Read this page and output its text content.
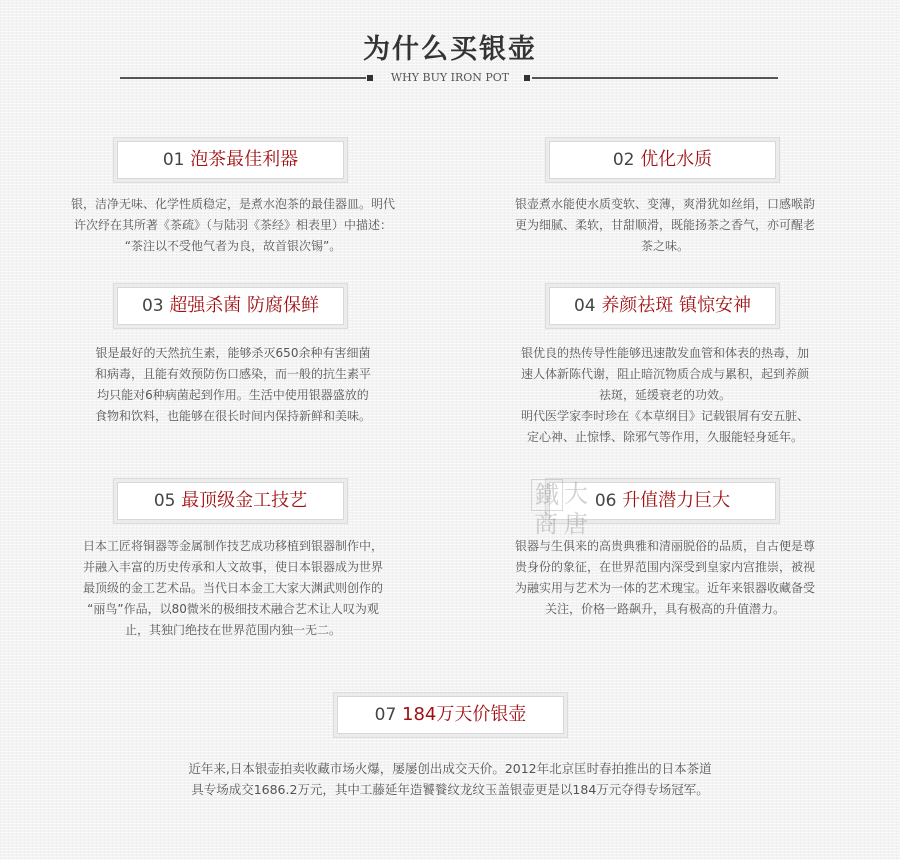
为什么买银壶
WHY BUY IRON POT
01 泡茶最佳利器

银，洁净无味、化学性质稳定，是煮水泡茶的最佳器皿。明代

许次纾在其所著《茶疏》（与陆羽《茶经》相表里）中描述：

“茶注以不受他气者为良，故首银次锡”。

02 优化水质

银壶煮水能使水质变软、变薄，爽滑犹如丝绢，口感喉韵

更为细腻、柔软，甘甜顺滑，既能扬茶之香气，亦可醒老

茶之味。

03 超强杀菌 防腐保鲜

银是最好的天然抗生素，能够杀灭650余种有害细菌

和病毒，且能有效预防伤口感染，而一般的抗生素平

均只能对6种病菌起到作用。生活中使用银器盛放的

食物和饮料，也能够在很长时间内保持新鲜和美味。

04 养颜祛斑 镇惊安神

银优良的热传导性能够迅速散发血管和体表的热毒，加

速人体新陈代谢，阻止暗沉物质合成与累积，起到养颜

祛斑，延缓衰老的功效。

明代医学家李时珍在《本草纲目》记载银屑有安五脏、

定心神、止惊悸、除邪气等作用，久服能轻身延年。

05 最顶级金工技艺

日本工匠将铜器等金属制作技艺成功移植到银器制作中，

并融入丰富的历史传承和人文故事，使日本银器成为世界

最顶级的金工艺术品。当代日本金工大家大渊武则创作的

“丽鸟”作品，以80微米的极细技术融合艺术让人叹为观

止，其独门绝技在世界范围内独一无二。

06 升值潜力巨大
鐵 大
商 唐

银器与生俱来的高贵典雅和清丽脱俗的品质，自古便是尊

贵身份的象征，在世界范围内深受到皇家内宫推崇，被视

为融实用与艺术为一体的艺术瑰宝。近年来银器收藏备受

关注，价格一路飙升，具有极高的升值潜力。

07 184万天价银壶

近年来,日本银壶拍卖收藏市场火爆，屡屡创出成交天价。2012年北京匡时春拍推出的日本茶道

具专场成交1686.2万元，其中工藤延年造饕餮纹龙纹玉盖银壶更是以184万元夺得专场冠军。
